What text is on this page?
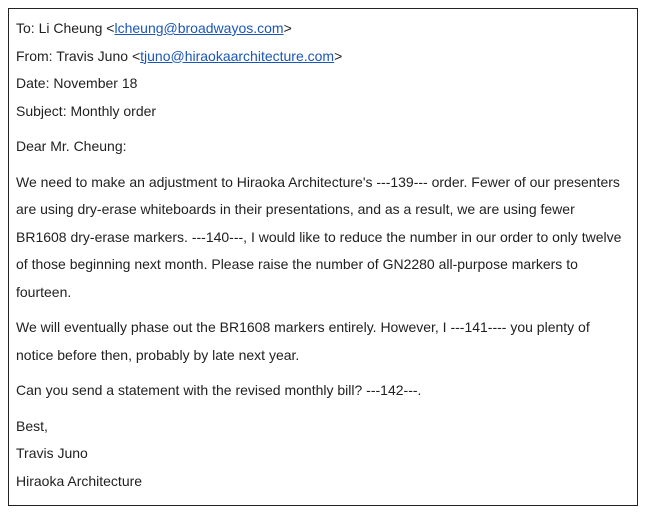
To: Li Cheung <lcheung@broadwayos.com>
From: Travis Juno <tjuno@hiraokaarchitecture.com>
Date: November 18
Subject: Monthly order
Dear Mr. Cheung:
We need to make an adjustment to Hiraoka Architecture's ---139--- order. Fewer of our presenters are using dry-erase whiteboards in their presentations, and as a result, we are using fewer BR1608 dry-erase markers. ---140---, I would like to reduce the number in our order to only twelve of those beginning next month. Please raise the number of GN2280 all-purpose markers to fourteen.
We will eventually phase out the BR1608 markers entirely. However, I ---141---- you plenty of notice before then, probably by late next year.
Can you send a statement with the revised monthly bill? ---142---.
Best,
Travis Juno
Hiraoka Architecture
